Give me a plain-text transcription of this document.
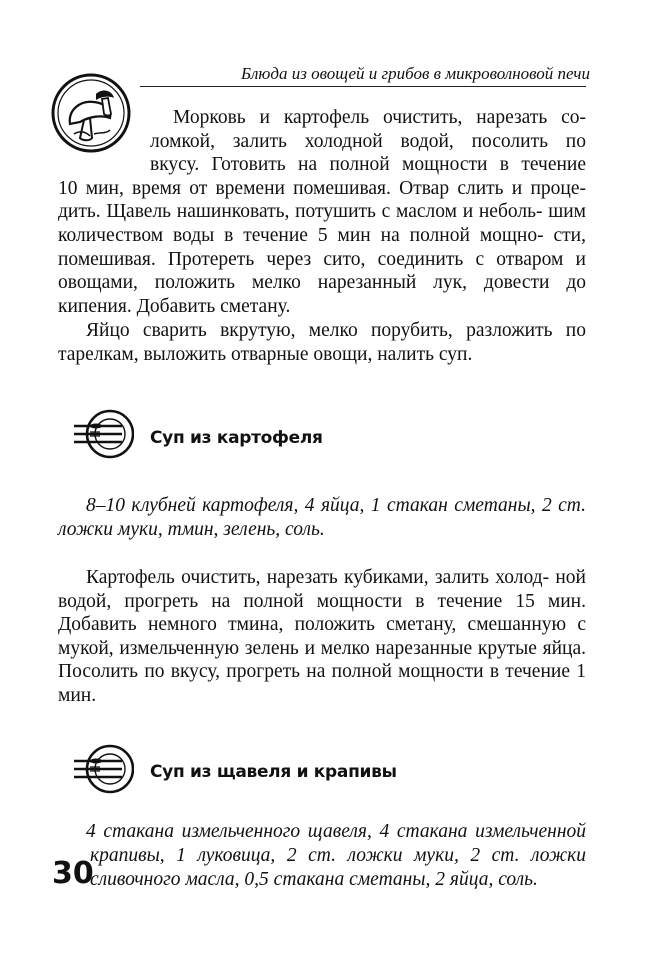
Блюда из овощей и грибов в микроволновой печи

Морковь и картофель очистить, нарезать со-
ломкой, залить холодной водой, посолить по
вкусу. Готовить на полной мощности в течение
10 мин, время от времени помешивая. Отвар слить и проце- дить. Щавель нашинковать, потушить с маслом и неболь- шим количеством воды в течение 5 мин на полной мощно- сти, помешивая. Протереть через сито, соединить с отваром и овощами, положить мелко нарезанный лук, довести до кипения. Добавить сметану.

Яйцо сварить вкрутую, мелко порубить, разложить по тарелкам, выложить отварные овощи, налить суп.

Суп из картофеля

8–10 клубней картофеля, 4 яйца, 1 стакан сметаны, 2 ст. ложки муки, тмин, зелень, соль.

Картофель очистить, нарезать кубиками, залить холод- ной водой, прогреть на полной мощности в течение 15 мин. Добавить немного тмина, положить сметану, смешанную с мукой, измельченную зелень и мелко нарезанные крутые яйца. Посолить по вкусу, прогреть на полной мощности в течение 1 мин.

Суп из щавеля и крапивы

4 стакана измельченного щавеля, 4 стакана измельченной
крапивы, 1 луковица, 2 ст. ложки муки, 2 ст. ложки сливочного масла, 0,5 стакана сметаны, 2 яйца, соль.

30
